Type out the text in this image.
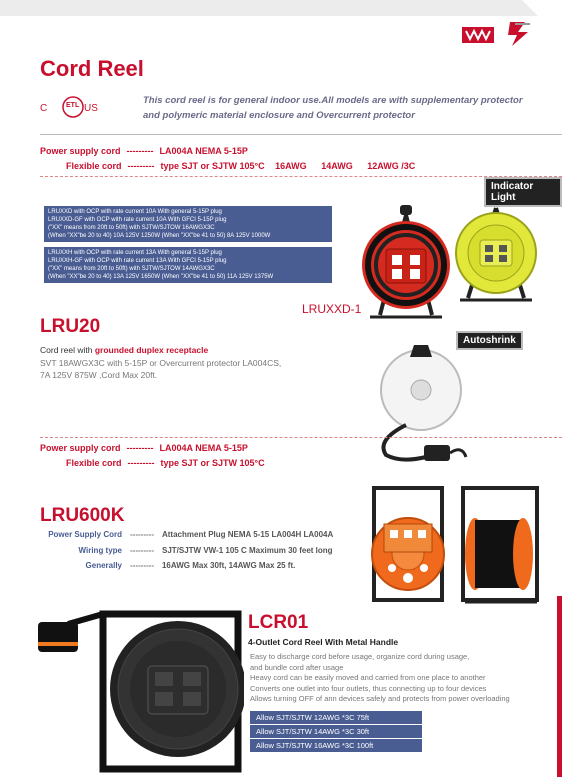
Cord Reel
C	ETL US
This cord reel is for general indoor use.All models are with supplementary protector
and polymeric material enclosure and Overcurrent protector
Power supply cord --------- LA004A NEMA 5-15P
Flexible cord --------- type SJT or SJTW 105°C 16AWG 14AWG 12AWG /3C
Indicator Light
LRUXXD with OCP with rate current 10A With general 5-15P plug
LRUXXD-GF with OCP with rate current 10A With GFCI 5-15P plug
("XX" means from 20ft to 50ft) with SJTW/SJTOW 16AWGX3C
(When "XX"be 20 to 40) 10A 125V 1250W (When "XX"be 41 to 50) 8A 125V 1000W
LRUXXH with OCP with rate current 13A With general 5-15P plug
LRUXXH-GF with OCP with rate current 13A With GFCI 5-15P plug
("XX" means from 20ft to 50ft) with SJTW/SJTOW 14AWGX3C
(When "XX"be 20 to 40) 13A 125V 1650W (When "XX"be 41 to 50) 11A 125V 1375W
LRUXXD-1
LRU20
Cord reel with grounded duplex receptacle
SVT 18AWGX3C with 5-15P or Overcurrent protector LA004CS,
7A 125V 875W ,Cord Max 20ft.
Autoshrink
Power supply cord --------- LA004A NEMA 5-15P
Flexible cord --------- type SJT or SJTW 105°C
LRU600K
Power Supply Cord --------- Attachment Plug NEMA 5-15 LA004H LA004A
Wiring type --------- SJT/SJTW VW-1 105 C Maximum 30 feet long
Generally --------- 16AWG Max 30ft, 14AWG Max 25 ft.
LCR01
4-Outlet Cord Reel With Metal Handle
Easy to discharge cord before usage, organize cord during usage,
and bundle cord after usage
Heavy cord can be easily moved and carried from one place to another
Converts one outlet into four outlets, thus connecting up to four devices
Allows turning OFF of ann devices safely and protects from power overloading
Allow SJT/SJTW 12AWG *3C 75ft
Allow SJT/SJTW 14AWG *3C 30ft
Allow SJT/SJTW 16AWG *3C 100ft
